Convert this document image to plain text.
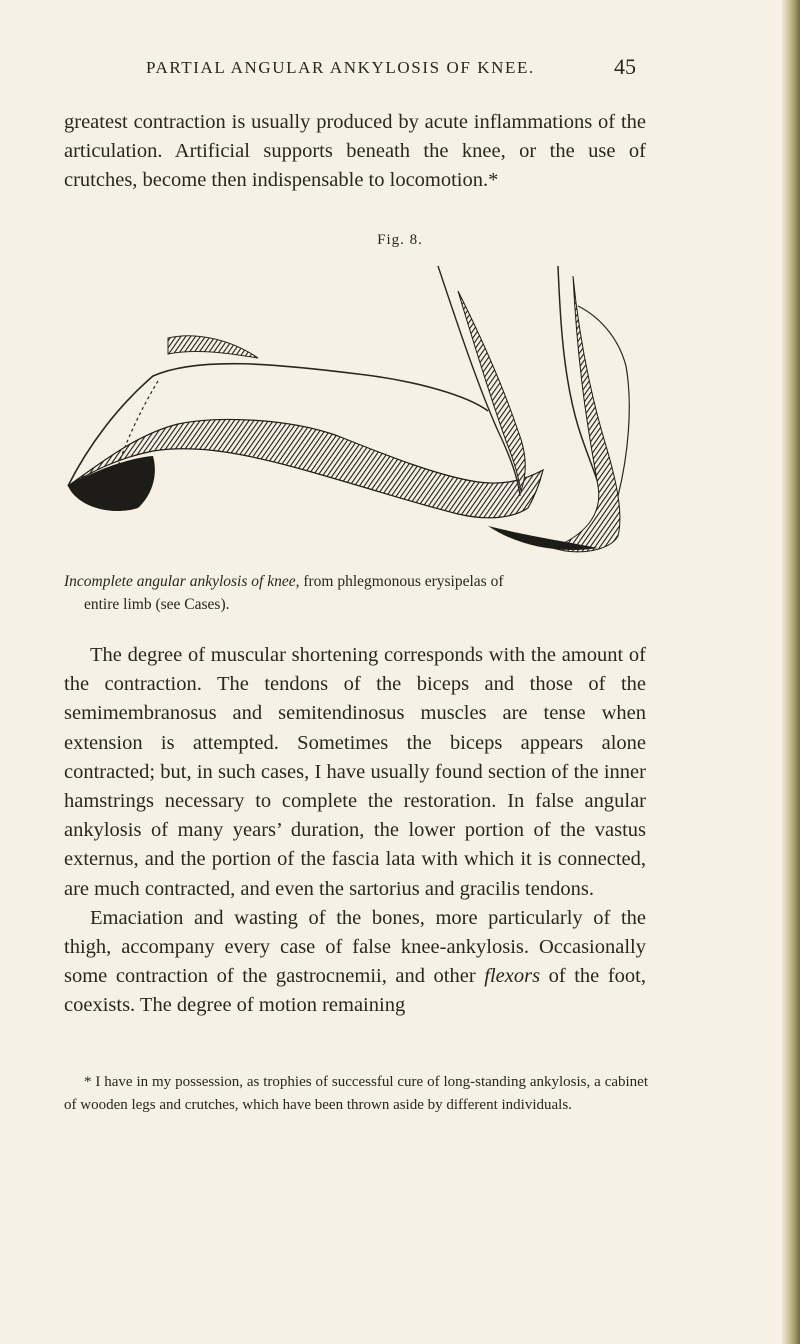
PARTIAL ANGULAR ANKYLOSIS OF KNEE.	45

greatest contraction is usually produced by acute inflammations of the articulation. Artificial supports beneath the knee, or the use of crutches, become then indispensable to locomotion.*

Fig. 8.
Incomplete angular ankylosis of knee, from phlegmonous erysipelas of
entire limb (see Cases).

The degree of muscular shortening corresponds with the amount of the contraction. The tendons of the biceps and those of the semimembranosus and semitendinosus muscles are tense when extension is attempted. Sometimes the biceps appears alone contracted; but, in such cases, I have usually found section of the inner hamstrings necessary to complete the restoration. In false angular ankylosis of many years’ duration, the lower portion of the vastus externus, and the portion of the fascia lata with which it is connected, are much contracted, and even the sartorius and gracilis tendons.

Emaciation and wasting of the bones, more particularly of the thigh, accompany every case of false knee-ankylosis. Occasionally some contraction of the gastrocnemii, and other flexors of the foot, coexists. The degree of motion remaining

* I have in my possession, as trophies of successful cure of long-standing ankylosis, a cabinet of wooden legs and crutches, which have been thrown aside by different individuals.
